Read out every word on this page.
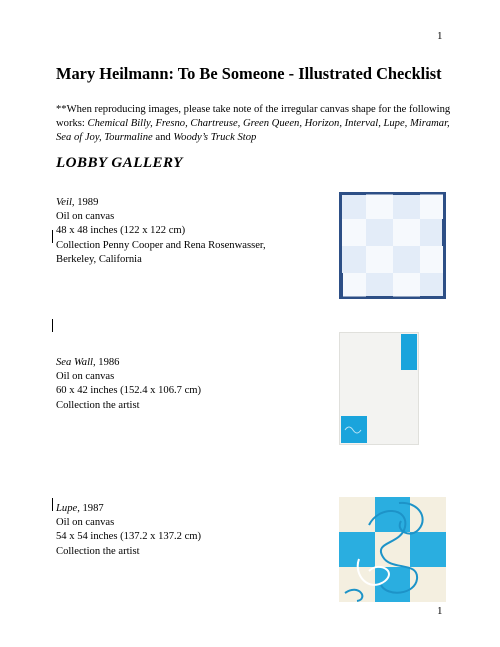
1
Mary Heilmann: To Be Someone - Illustrated Checklist

**When reproducing images, please take note of the irregular canvas shape for the following works: Chemical Billy, Fresno, Chartreuse, Green Queen, Horizon, Interval, Lupe, Miramar, Sea of Joy, Tourmaline and Woody’s Truck Stop

LOBBY GALLERY
Veil, 1989
Oil on canvas
48 x 48 inches (122 x 122 cm)
Collection Penny Cooper and Rena Rosenwasser,
Berkeley, California
Sea Wall, 1986
Oil on canvas
60 x 42 inches (152.4 x 106.7 cm)
Collection the artist
Lupe, 1987
Oil on canvas
54 x 54 inches (137.2 x 137.2 cm)
Collection the artist
1
